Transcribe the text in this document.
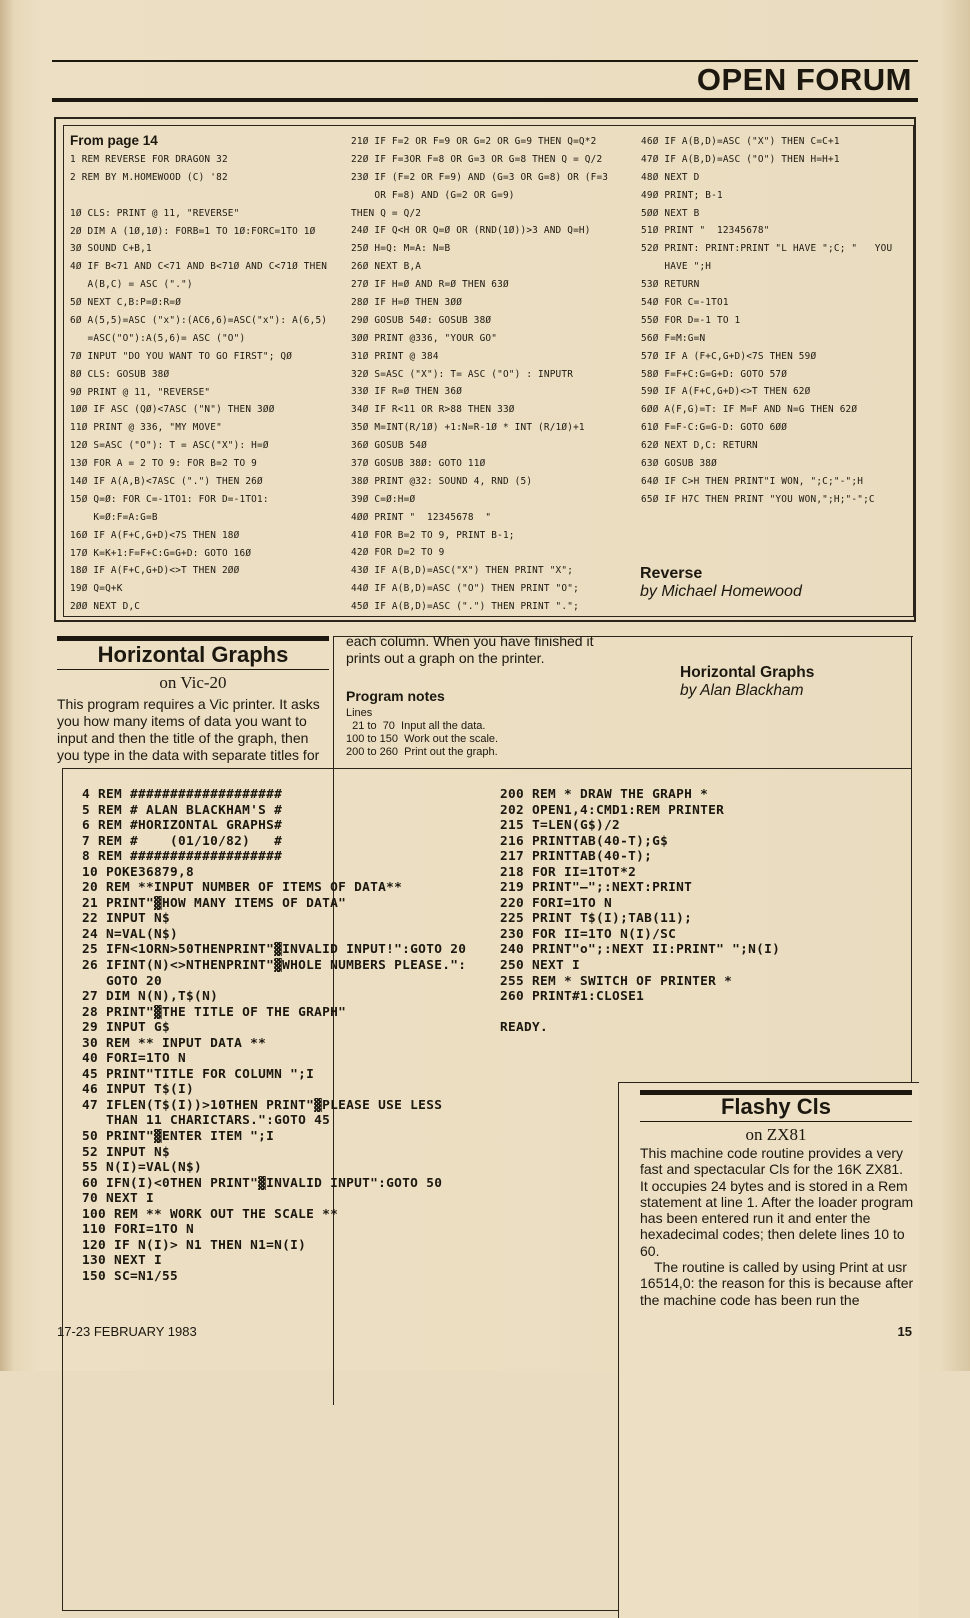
OPEN FORUM
From page 14
1 REM REVERSE FOR DRAGON 32
2 REM BY M.HOMEWOOD (C) '82
1Ø CLS: PRINT @ 11, "REVERSE"
2Ø DIM A (1Ø,1Ø): FORB=1 TO 1Ø:FORC=1TO 1Ø
3Ø SOUND C+B,1
4Ø IF B<71 AND C<71 AND B<71Ø AND C<71Ø THEN
A(B,C) = ASC (".")
5Ø NEXT C,B:P=Ø:R=Ø
6Ø A(5,5)=ASC ("x"):(AC6,6)=ASC("x"): A(6,5)
=ASC("O"):A(5,6)= ASC ("O")
7Ø INPUT "DO YOU WANT TO GO FIRST"; QØ
8Ø CLS: GOSUB 38Ø
9Ø PRINT @ 11, "REVERSE"
1ØØ IF ASC (QØ)<7ASC ("N") THEN 3ØØ
11Ø PRINT @ 336, "MY MOVE"
12Ø S=ASC ("O"): T = ASC("X"): H=Ø
13Ø FOR A = 2 TO 9: FOR B=2 TO 9
14Ø IF A(A,B)<7ASC (".") THEN 26Ø
15Ø Q=Ø: FOR C=-1TO1: FOR D=-1TO1:
K=Ø:F=A:G=B
16Ø IF A(F+C,G+D)<7S THEN 18Ø
17Ø K=K+1:F=F+C:G=G+D: GOTO 16Ø
18Ø IF A(F+C,G+D)<>T THEN 2ØØ
19Ø Q=Q+K
2ØØ NEXT D,C
21Ø IF F=2 OR F=9 OR G=2 OR G=9 THEN Q=Q*2
22Ø IF F=3OR F=8 OR G=3 OR G=8 THEN Q = Q/2
23Ø IF (F=2 OR F=9) AND (G=3 OR G=8) OR (F=3
OR F=8) AND (G=2 OR G=9)
THEN Q = Q/2
24Ø IF Q<H OR Q=Ø OR (RND(1Ø))>3 AND Q=H)
25Ø H=Q: M=A: N=B
26Ø NEXT B,A
27Ø IF H=Ø AND R=Ø THEN 63Ø
28Ø IF H=Ø THEN 3ØØ
29Ø GOSUB 54Ø: GOSUB 38Ø
3ØØ PRINT @336, "YOUR GO"
31Ø PRINT @ 384
32Ø S=ASC ("X"): T= ASC ("O") : INPUTR
33Ø IF R=Ø THEN 36Ø
34Ø IF R<11 OR R>88 THEN 33Ø
35Ø M=INT(R/1Ø) +1:N=R-1Ø * INT (R/1Ø)+1
36Ø GOSUB 54Ø
37Ø GOSUB 38Ø: GOTO 11Ø
38Ø PRINT @32: SOUND 4, RND (5)
39Ø C=Ø:H=Ø
4ØØ PRINT "  12345678  "
41Ø FOR B=2 TO 9, PRINT B-1;
42Ø FOR D=2 TO 9
43Ø IF A(B,D)=ASC("X") THEN PRINT "X";
44Ø IF A(B,D)=ASC ("O") THEN PRINT "O";
45Ø IF A(B,D)=ASC (".") THEN PRINT ".";
46Ø IF A(B,D)=ASC ("X") THEN C=C+1
47Ø IF A(B,D)=ASC ("O") THEN H=H+1
48Ø NEXT D
49Ø PRINT; B-1
5ØØ NEXT B
51Ø PRINT "  12345678"
52Ø PRINT: PRINT:PRINT "L HAVE ";C; "   YOU
HAVE ";H
53Ø RETURN
54Ø FOR C=-1TO1
55Ø FOR D=-1 TO 1
56Ø F=M:G=N
57Ø IF A (F+C,G+D)<7S THEN 59Ø
58Ø F=F+C:G=G+D: GOTO 57Ø
59Ø IF A(F+C,G+D)<>T THEN 62Ø
6ØØ A(F,G)=T: IF M=F AND N=G THEN 62Ø
61Ø F=F-C:G=G-D: GOTO 6ØØ
62Ø NEXT D,C: RETURN
63Ø GOSUB 38Ø
64Ø IF C>H THEN PRINT"I WON, ";C;"-";H
65Ø IF H7C THEN PRINT "YOU WON,";H;"-";C
Reverse
by Michael Homewood
Horizontal Graphs
on Vic-20
This program requires a Vic printer. It asks you how many items of data you want to input and then the title of the graph, then you type in the data with separate titles for
each column. When you have finished it prints out a graph on the printer.
Program notes
Lines
21 to  70  Input all the data.
100 to 150  Work out the scale.
200 to 260  Print out the graph.
Horizontal Graphs
by Alan Blackham
4 REM ###################
5 REM # ALAN BLACKHAM'S #
6 REM #HORIZONTAL GRAPHS#
7 REM #    (01/10/82)   #
8 REM ###################
10 POKE36879,8
20 REM **INPUT NUMBER OF ITEMS OF DATA**
21 PRINT"▓HOW MANY ITEMS OF DATA"
22 INPUT N$
24 N=VAL(N$)
25 IFN<1ORN>50THENPRINT"▓INVALID INPUT!":GOTO 20
26 IFINT(N)<>NTHENPRINT"▓WHOLE NUMBERS PLEASE.":
GOTO 20
27 DIM N(N),T$(N)
28 PRINT"▓THE TITLE OF THE GRAPH"
29 INPUT G$
30 REM ** INPUT DATA **
40 FORI=1TO N
45 PRINT"TITLE FOR COLUMN ";I
46 INPUT T$(I)
47 IFLEN(T$(I))>10THEN PRINT"▓PLEASE USE LESS
THAN 11 CHARICTARS.":GOTO 45
50 PRINT"▓ENTER ITEM ";I
52 INPUT N$
55 N(I)=VAL(N$)
60 IFN(I)<0THEN PRINT"▓INVALID INPUT":GOTO 50
70 NEXT I
100 REM ** WORK OUT THE SCALE **
110 FORI=1TO N
120 IF N(I)> N1 THEN N1=N(I)
130 NEXT I
150 SC=N1/55
200 REM * DRAW THE GRAPH *
202 OPEN1,4:CMD1:REM PRINTER
215 T=LEN(G$)/2
216 PRINTTAB(40-T);G$
217 PRINTTAB(40-T);
218 FOR II=1TOT*2
219 PRINT"—";:NEXT:PRINT
220 FORI=1TO N
225 PRINT T$(I);TAB(11);
230 FOR II=1TO N(I)/SC
240 PRINT"o";:NEXT II:PRINT" ";N(I)
250 NEXT I
255 REM * SWITCH OF PRINTER *
260 PRINT#1:CLOSE1
READY.
Flashy Cls
on ZX81
This machine code routine provides a very fast and spectacular Cls for the 16K ZX81. It occupies 24 bytes and is stored in a Rem statement at line 1. After the loader program has been entered run it and enter the hexadecimal codes; then delete lines 10 to 60.
The routine is called by using Print at usr 16514,0: the reason for this is because after the machine code has been run the
17-23 FEBRUARY 1983	15
